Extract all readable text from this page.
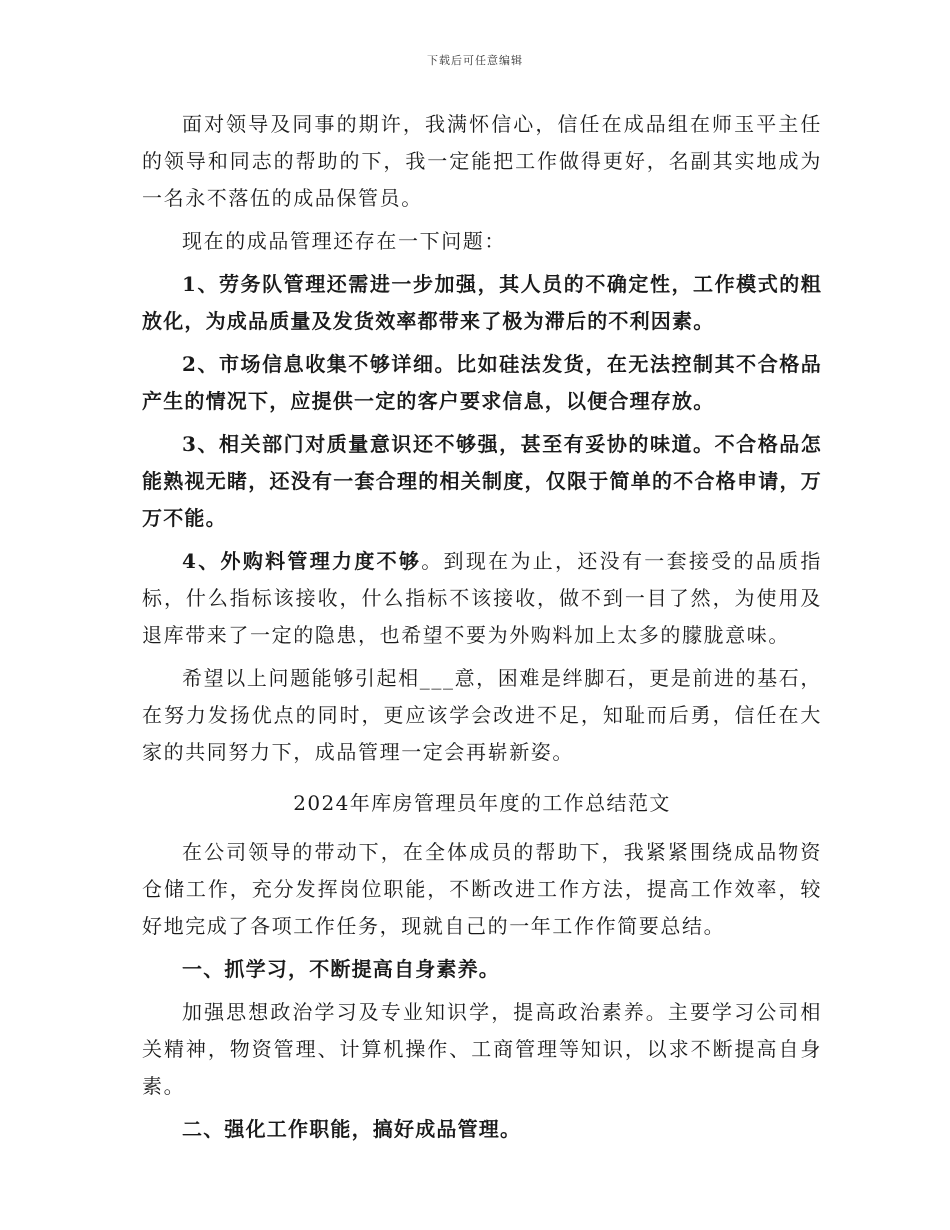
下载后可任意编辑

面对领导及同事的期许，我满怀信心，信任在成品组在师玉平主任的领导和同志的帮助的下，我一定能把工作做得更好，名副其实地成为一名永不落伍的成品保管员。

现在的成品管理还存在一下问题：

1、劳务队管理还需进一步加强，其人员的不确定性，工作模式的粗放化，为成品质量及发货效率都带来了极为滞后的不利因素。

2、市场信息收集不够详细。比如硅法发货，在无法控制其不合格品产生的情况下，应提供一定的客户要求信息，以便合理存放。

3、相关部门对质量意识还不够强，甚至有妥协的味道。不合格品怎能熟视无睹，还没有一套合理的相关制度，仅限于简单的不合格申请，万万不能。

4、外购料管理力度不够。到现在为止，还没有一套接受的品质指标，什么指标该接收，什么指标不该接收，做不到一目了然，为使用及退库带来了一定的隐患，也希望不要为外购料加上太多的朦胧意味。

希望以上问题能够引起相___意，困难是绊脚石，更是前进的基石，在努力发扬优点的同时，更应该学会改进不足，知耻而后勇，信任在大家的共同努力下，成品管理一定会再崭新姿。

2024年库房管理员年度的工作总结范文

在公司领导的带动下，在全体成员的帮助下，我紧紧围绕成品物资仓储工作，充分发挥岗位职能，不断改进工作方法，提高工作效率，较好地完成了各项工作任务，现就自己的一年工作作简要总结。

一、抓学习，不断提高自身素养。

加强思想政治学习及专业知识学，提高政治素养。主要学习公司相关精神，物资管理、计算机操作、工商管理等知识，以求不断提高自身素。

二、强化工作职能，搞好成品管理。
